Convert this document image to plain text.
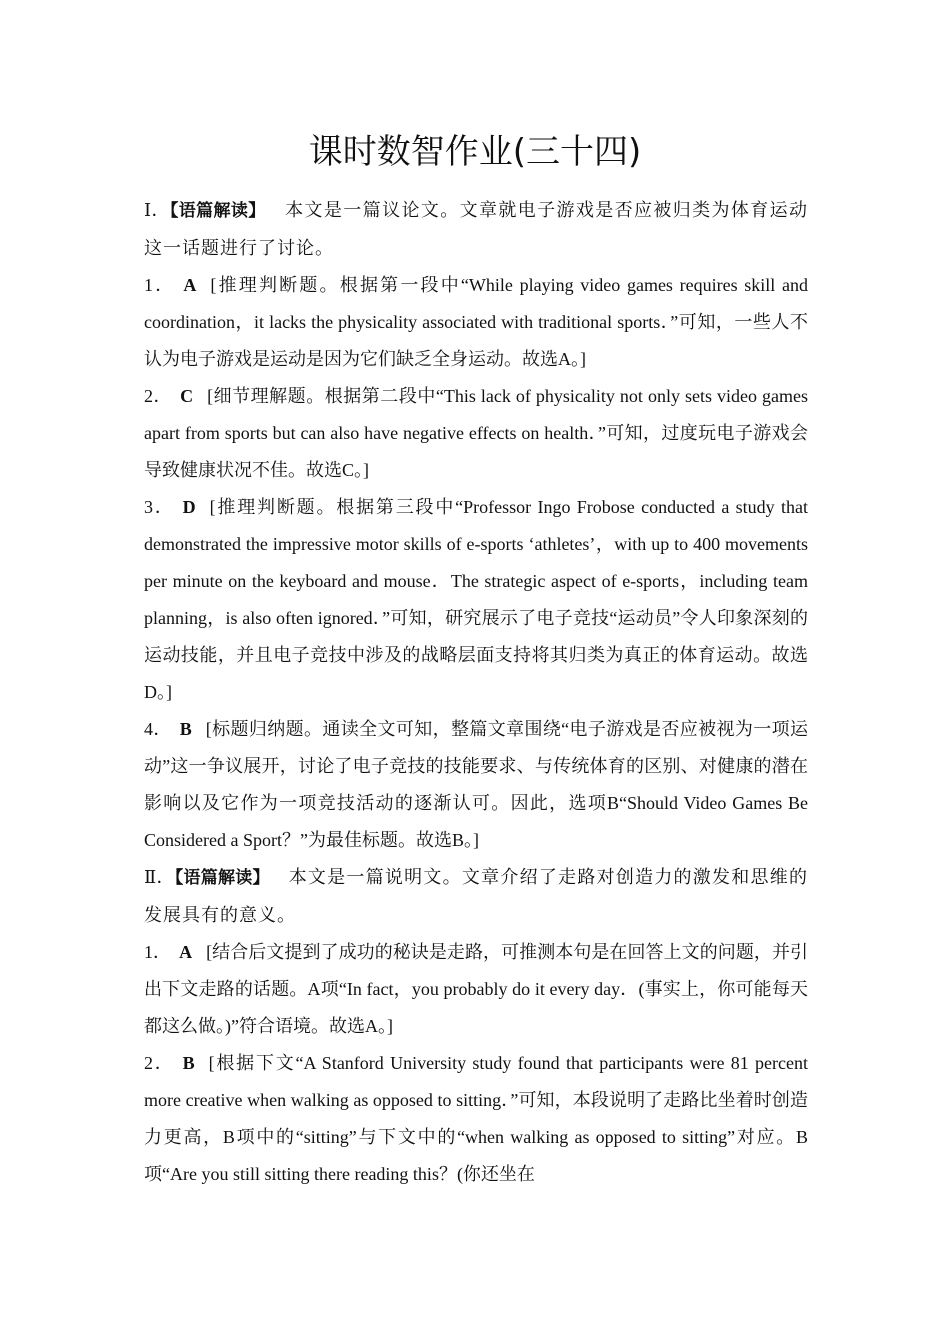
课时数智作业(三十四)

Ⅰ．【语篇解读】 本文是一篇议论文。文章就电子游戏是否应被归类为体育运动这一话题进行了讨论。

1． A [推理判断题。根据第一段中“While playing video games requires skill and coordination，it lacks the physicality associated with traditional sports．”可知，一些人不认为电子游戏是运动是因为它们缺乏全身运动。故选A。]

2． C [细节理解题。根据第二段中“This lack of physicality not only sets video games apart from sports but can also have negative effects on health．”可知，过度玩电子游戏会导致健康状况不佳。故选C。]

3． D [推理判断题。根据第三段中“Professor Ingo Frobose conducted a study that demonstrated the impressive motor skills of e-sports ‘athletes’，with up to 400 movements per minute on the keyboard and mouse．The strategic aspect of e-sports，including team planning，is also often ignored．”可知，研究展示了电子竞技“运动员”令人印象深刻的运动技能，并且电子竞技中涉及的战略层面支持将其归类为真正的体育运动。故选D。]

4． B [标题归纳题。通读全文可知，整篇文章围绕“电子游戏是否应被视为一项运动”这一争议展开，讨论了电子竞技的技能要求、与传统体育的区别、对健康的潜在影响以及它作为一项竞技活动的逐渐认可。因此，选项B“Should Video Games Be Considered a Sport？”为最佳标题。故选B。]

Ⅱ．【语篇解读】 本文是一篇说明文。文章介绍了走路对创造力的激发和思维的发展具有的意义。

1． A [结合后文提到了成功的秘诀是走路，可推测本句是在回答上文的问题，并引出下文走路的话题。A项“In fact，you probably do it every day．(事实上，你可能每天都这么做。)”符合语境。故选A。]

2． B [根据下文“A Stanford University study found that participants were 81 percent more creative when walking as opposed to sitting．”可知，本段说明了走路比坐着时创造力更高，B项中的“sitting”与下文中的“when walking as opposed to sitting”对应。B项“Are you still sitting there reading this？(你还坐在
